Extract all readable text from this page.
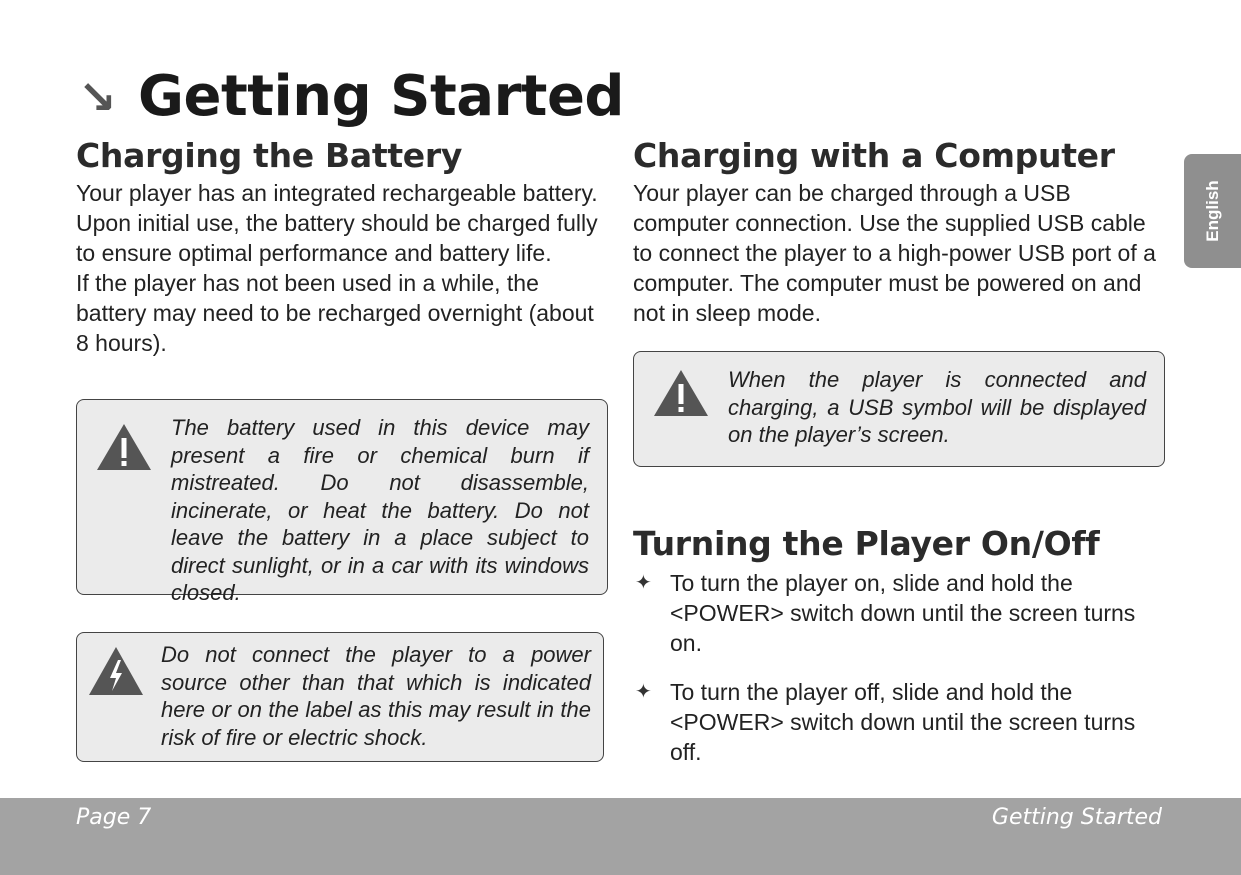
↘ Getting Started
Charging the Battery

Your player has an integrated rechargeable battery. Upon initial use, the battery should be charged fully to ensure optimal performance and battery life.

If the player has not been used in a while, the battery may need to be recharged overnight (about 8 hours).

The battery used in this device may present a fire or chemical burn if mistreated. Do not disassemble, incinerate, or heat the battery. Do not leave the battery in a place subject to direct sunlight, or in a car with its windows closed.
Do not connect the player to a power source other than that which is indicated here or on the label as this may result in the risk of fire or electric shock.
Charging with a Computer

Your player can be charged through a USB computer connection. Use the supplied USB cable to connect the player to a high-power USB port of a computer. The computer must be powered on and not in sleep mode.

When the player is connected and charging, a USB symbol will be displayed on the player’s screen.
Turning the Player On/Off
✦ To turn the player on, slide and hold the <POWER> switch down until the screen turns on.
✦ To turn the player off, slide and hold the <POWER> switch down until the screen turns off.
English
Page 7	Getting Started
